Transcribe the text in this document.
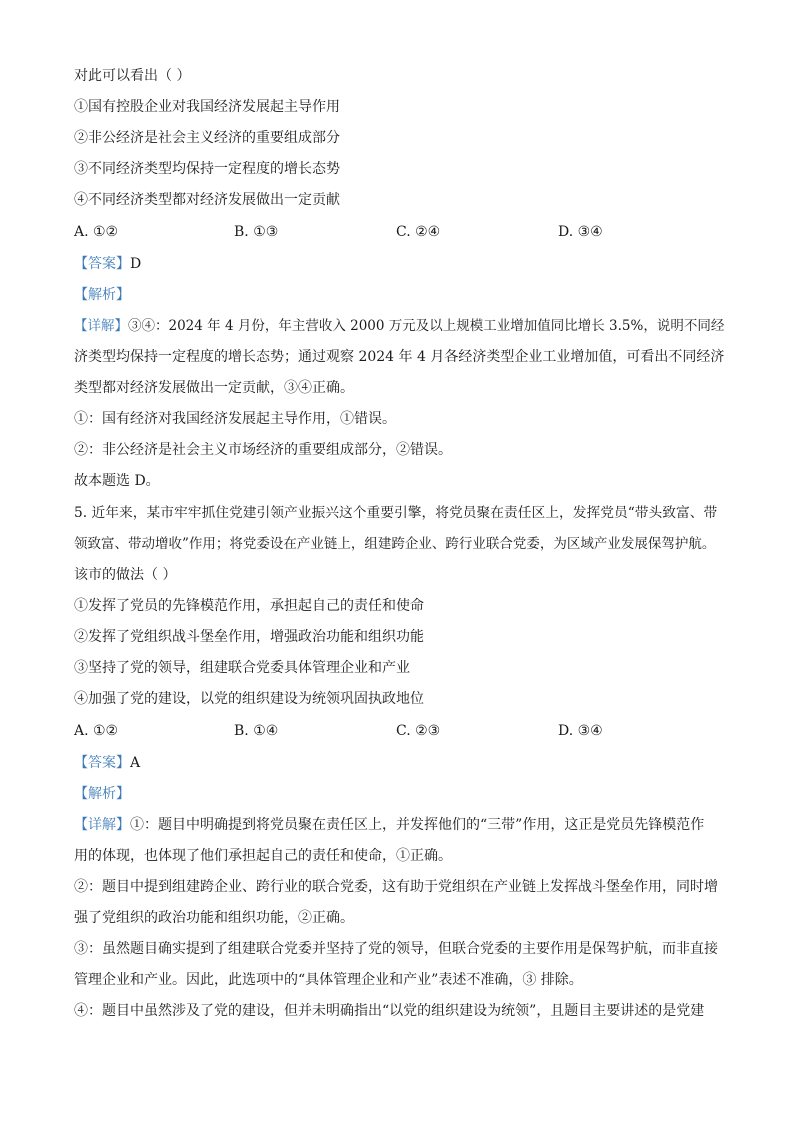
对此可以看出（ ）
①国有控股企业对我国经济发展起主导作用
②非公经济是社会主义经济的重要组成部分
③不同经济类型均保持一定程度的增长态势
④不同经济类型都对经济发展做出一定贡献
A. ①②	B. ①③	C. ②④	D. ③④
【答案】D
【解析】
【详解】③④：2024 年 4 月份，年主营收入 2000 万元及以上规模工业增加值同比增长 3.5%，说明不同经
济类型均保持一定程度的增长态势；通过观察 2024 年 4 月各经济类型企业工业增加值，可看出不同经济
类型都对经济发展做出一定贡献，③④正确。
①：国有经济对我国经济发展起主导作用，①错误。
②：非公经济是社会主义市场经济的重要组成部分，②错误。
故本题选 D。
5. 近年来，某市牢牢抓住党建引领产业振兴这个重要引擎，将党员聚在责任区上，发挥党员“带头致富、带
领致富、带动增收”作用；将党委设在产业链上，组建跨企业、跨行业联合党委，为区域产业发展保驾护航。
该市的做法（ ）
①发挥了党员的先锋模范作用，承担起自己的责任和使命
②发挥了党组织战斗堡垒作用，增强政治功能和组织功能
③坚持了党的领导，组建联合党委具体管理企业和产业
④加强了党的建设，以党的组织建设为统领巩固执政地位
A. ①②	B. ①④	C. ②③	D. ③④
【答案】A
【解析】
【详解】①：题目中明确提到将党员聚在责任区上，并发挥他们的“三带”作用，这正是党员先锋模范作
用的体现，也体现了他们承担起自己的责任和使命，①正确。
②：题目中提到组建跨企业、跨行业的联合党委，这有助于党组织在产业链上发挥战斗堡垒作用，同时增
强了党组织的政治功能和组织功能，②正确。
③：虽然题目确实提到了组建联合党委并坚持了党的领导，但联合党委的主要作用是保驾护航，而非直接
管理企业和产业。因此，此选项中的“具体管理企业和产业”表述不准确，③ 排除。
④：题目中虽然涉及了党的建设，但并未明确指出“以党的组织建设为统领”，且题目主要讲述的是党建
